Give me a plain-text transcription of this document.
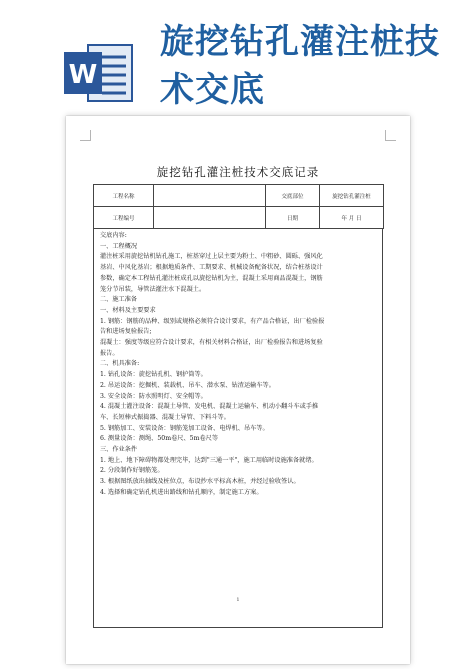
W
旋挖钻孔灌注桩技
术交底
旋挖钻孔灌注桩技术交底记录
工程名称		交底部位	旋挖钻孔灌注桩
工程编号		日期	年 月 日
交底内容:
一、工程概况
灌注桩采用旋挖钻机钻孔施工，桩基穿过上层主要为粉土、中粗砂、圆砾、强风化
基岩、中风化基岩；根据地质条件、工期要求、机械设备配备状况，结合桩基设计
参数，确定本工程钻孔灌注桩成孔以旋挖钻机为主，混凝土采用商品混凝土，钢筋
笼分节吊装，导管法灌注水下混凝土。
二、施工准备
一、材料及主要要求
1. 钢筋：钢筋的品种、级别或规格必须符合设计要求，有产品合格证，出厂检验报
告和进场复验报告;
混凝土：强度等级应符合设计要求，有相关材料合格证，出厂检验报告和进场复验
报告。
二、机具准备:
1. 钻孔设备：旋挖钻孔机、钢护筒等。
2. 吊运设备：挖掘机、装载机、吊车、潜水泵、钻渣运输车等。
3. 安全设备：防水照明灯、安全帽等。
4. 混凝土灌注设备：混凝土导管、发电机、混凝土运输车、机动小翻斗车或手推
车、长短棒式振捣器、混凝土导管、下料斗等。
5. 钢筋加工、安装设备：钢筋笼加工设备、电焊机、吊车等。
6. 测量设备：测绳、50m卷尺、5m卷尺等
三、作业条件
1. 地上、地下障碍物都处理完毕，达到"三通一平"，施工用临时设施准备就绪。
2. 分段制作好钢筋笼。
3. 根据图纸放出轴线及桩位点，布设抄水平标高木桩，并经过验收签认。
4. 选择和确定钻孔机进出路线和钻孔顺序，制定施工方案。
1
